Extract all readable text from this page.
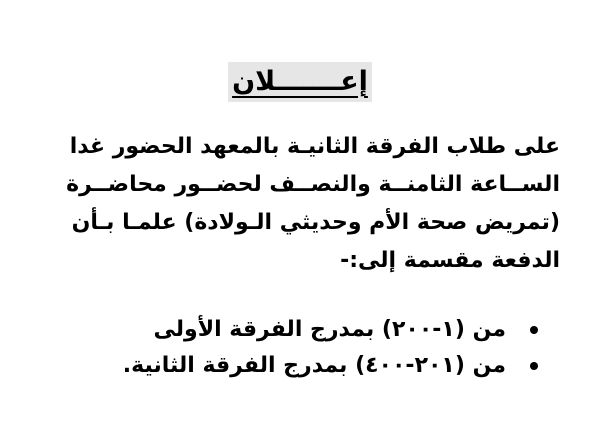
إعـــــــلان
على طلاب الفرقة الثانيـة بالمعهد الحضور غدا
الســاعة الثامنــة والنصــف لحضــور محاضــرة
(تمريض صحة الأم وحديثي الـولادة) علمـا بـأن
الدفعة مقسمة إلى:-
من (١-٢٠٠) بمدرج الفرقة الأولى
من (٢٠١-٤٠٠) بمدرج الفرقة الثانية.
